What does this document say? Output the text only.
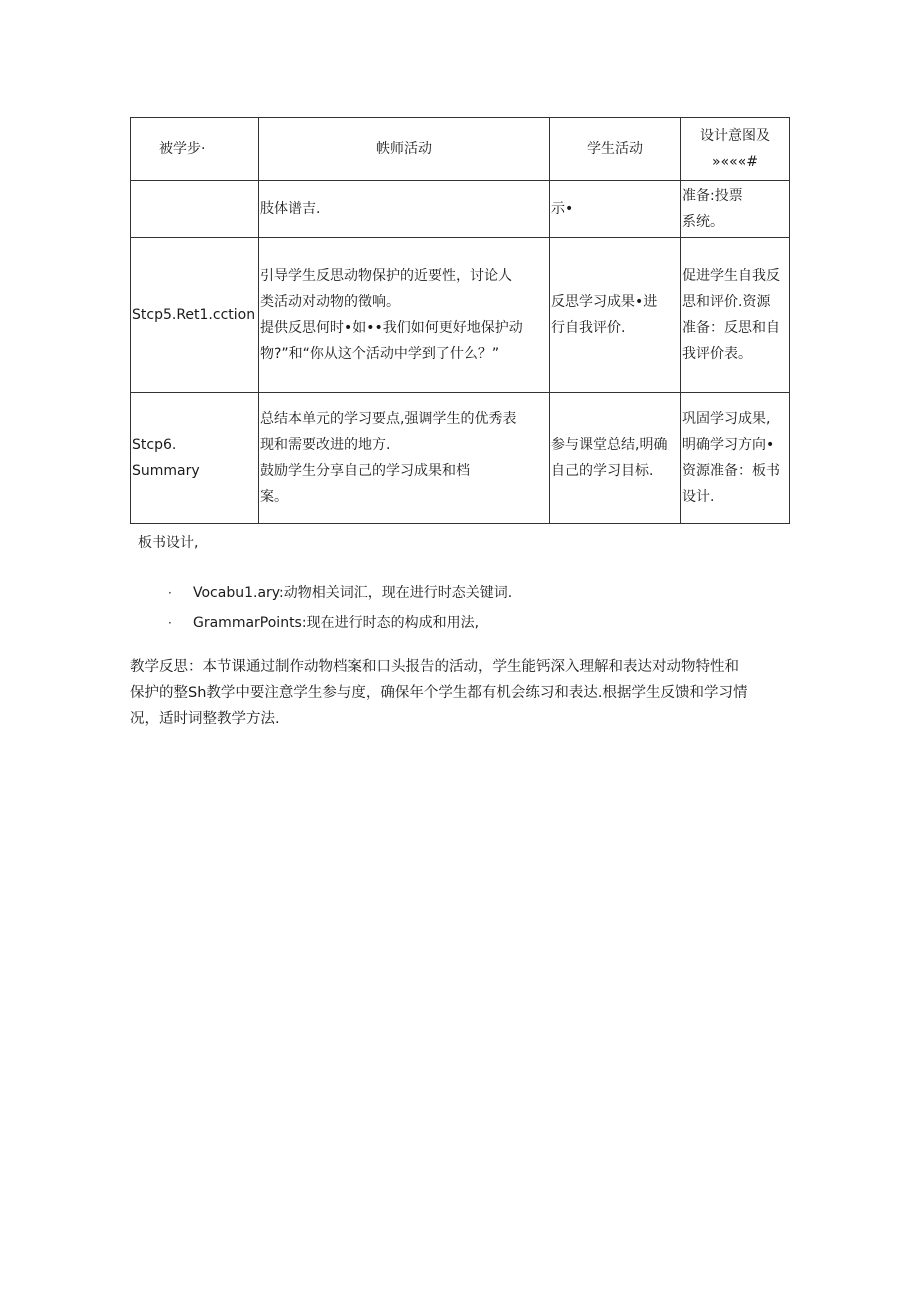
被学步·	帙师活动	学生活动	设计意图及
»«««#

	肢体谱吉.	示•	准备:投票
系统。

Stcp5.Ret1.cction	引导学生反思动物保护的近要性，讨论人
类活动对动物的徵响。
提供反思何时•如••我们如何更好地保护动
物?”和“你从这个活动中学到了什么？”	反思学习成果•进
行自我评价.	促进学生自我反
思和评价.资源
准备：反思和自
我评价表。

Stcp6.
Summary	总结本单元的学习要点,强调学生的优秀表
现和需要改进的地方.
鼓励学生分享自己的学习成果和档
案。	参与课堂总结,明确
自己的学习目标.	巩固学习成果,
明确学习方向•
资源准备：板书
设计.
板书设计,
·	Vocabu1.ary:动物相关词汇，现在进行时态关键词.
·	GrammarPoints:现在进行时态的构成和用法,
教学反思：本节课通过制作动物档案和口头报告的活动，学生能钙深入理解和表达对动物特性和
保护的整Sh教学中要注意学生参与度，确保年个学生都有机会练习和表达.根据学生反馈和学习情
况，适时词整教学方法.
